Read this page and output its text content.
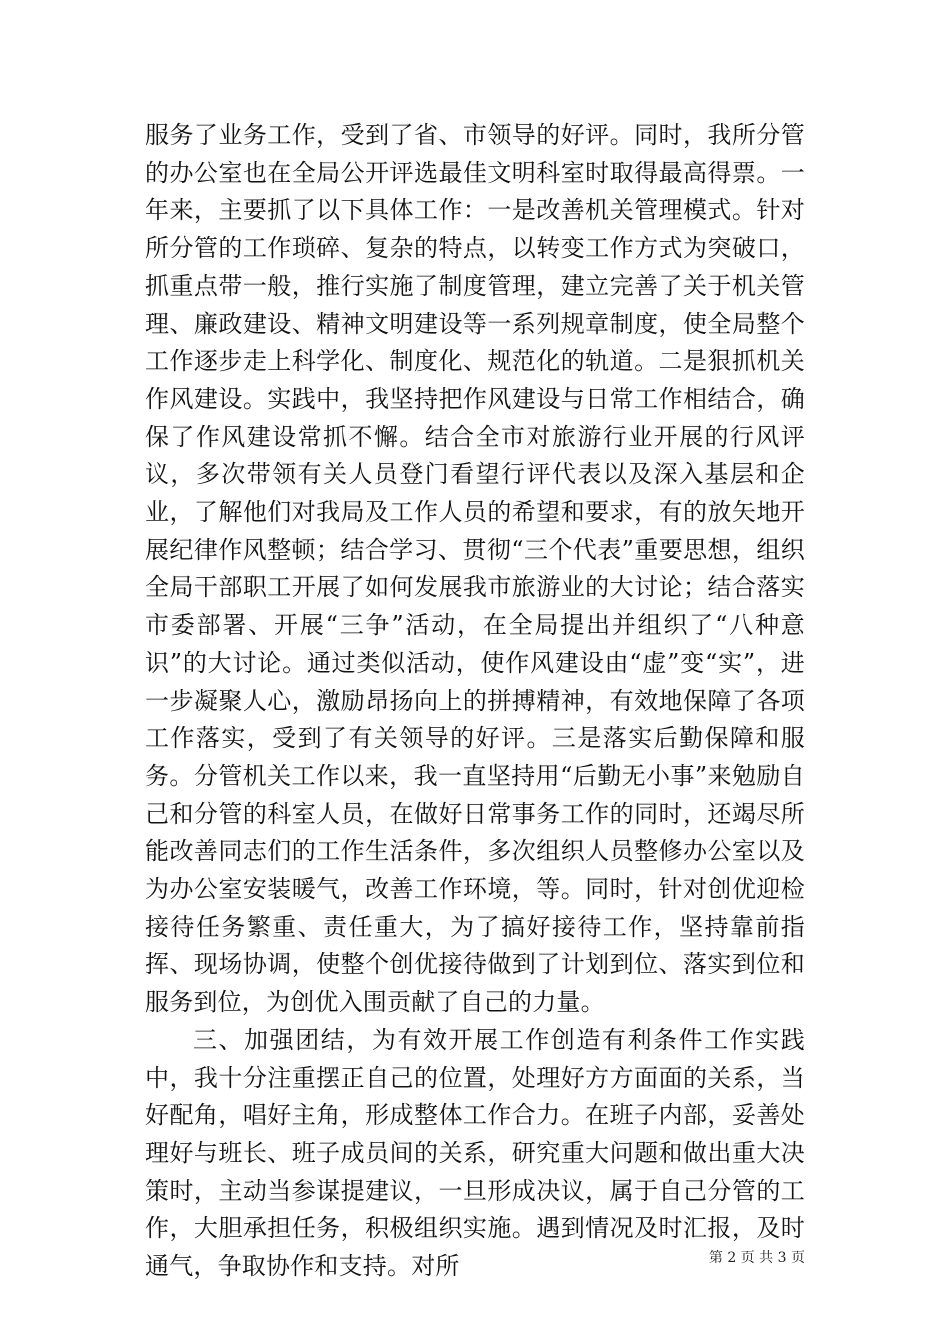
服务了业务工作，受到了省、市领导的好评。同时，我所分管的办公室也在全局公开评选最佳文明科室时取得最高得票。一年来，主要抓了以下具体工作：一是改善机关管理模式。针对所分管的工作琐碎、复杂的特点，以转变工作方式为突破口，抓重点带一般，推行实施了制度管理，建立完善了关于机关管理、廉政建设、精神文明建设等一系列规章制度，使全局整个工作逐步走上科学化、制度化、规范化的轨道。二是狠抓机关作风建设。实践中，我坚持把作风建设与日常工作相结合，确保了作风建设常抓不懈。结合全市对旅游行业开展的行风评议，多次带领有关人员登门看望行评代表以及深入基层和企业，了解他们对我局及工作人员的希望和要求，有的放矢地开展纪律作风整顿；结合学习、贯彻“三个代表”重要思想，组织全局干部职工开展了如何发展我市旅游业的大讨论；结合落实市委部署、开展“三争”活动，在全局提出并组织了“八种意识”的大讨论。通过类似活动，使作风建设由“虚”变“实”，进一步凝聚人心，激励昂扬向上的拼搏精神，有效地保障了各项工作落实，受到了有关领导的好评。三是落实后勤保障和服务。分管机关工作以来，我一直坚持用“后勤无小事”来勉励自己和分管的科室人员，在做好日常事务工作的同时，还竭尽所能改善同志们的工作生活条件，多次组织人员整修办公室以及为办公室安装暖气，改善工作环境，等。同时，针对创优迎检接待任务繁重、责任重大，为了搞好接待工作，坚持靠前指挥、现场协调，使整个创优接待做到了计划到位、落实到位和服务到位，为创优入围贡献了自己的力量。

三、加强团结，为有效开展工作创造有利条件工作实践中，我十分注重摆正自己的位置，处理好方方面面的关系，当好配角，唱好主角，形成整体工作合力。在班子内部，妥善处理好与班长、班子成员间的关系，研究重大问题和做出重大决策时，主动当参谋提建议，一旦形成决议，属于自己分管的工作，大胆承担任务，积极组织实施。遇到情况及时汇报，及时通气，争取协作和支持。对所	第 2 页 共 3 页
